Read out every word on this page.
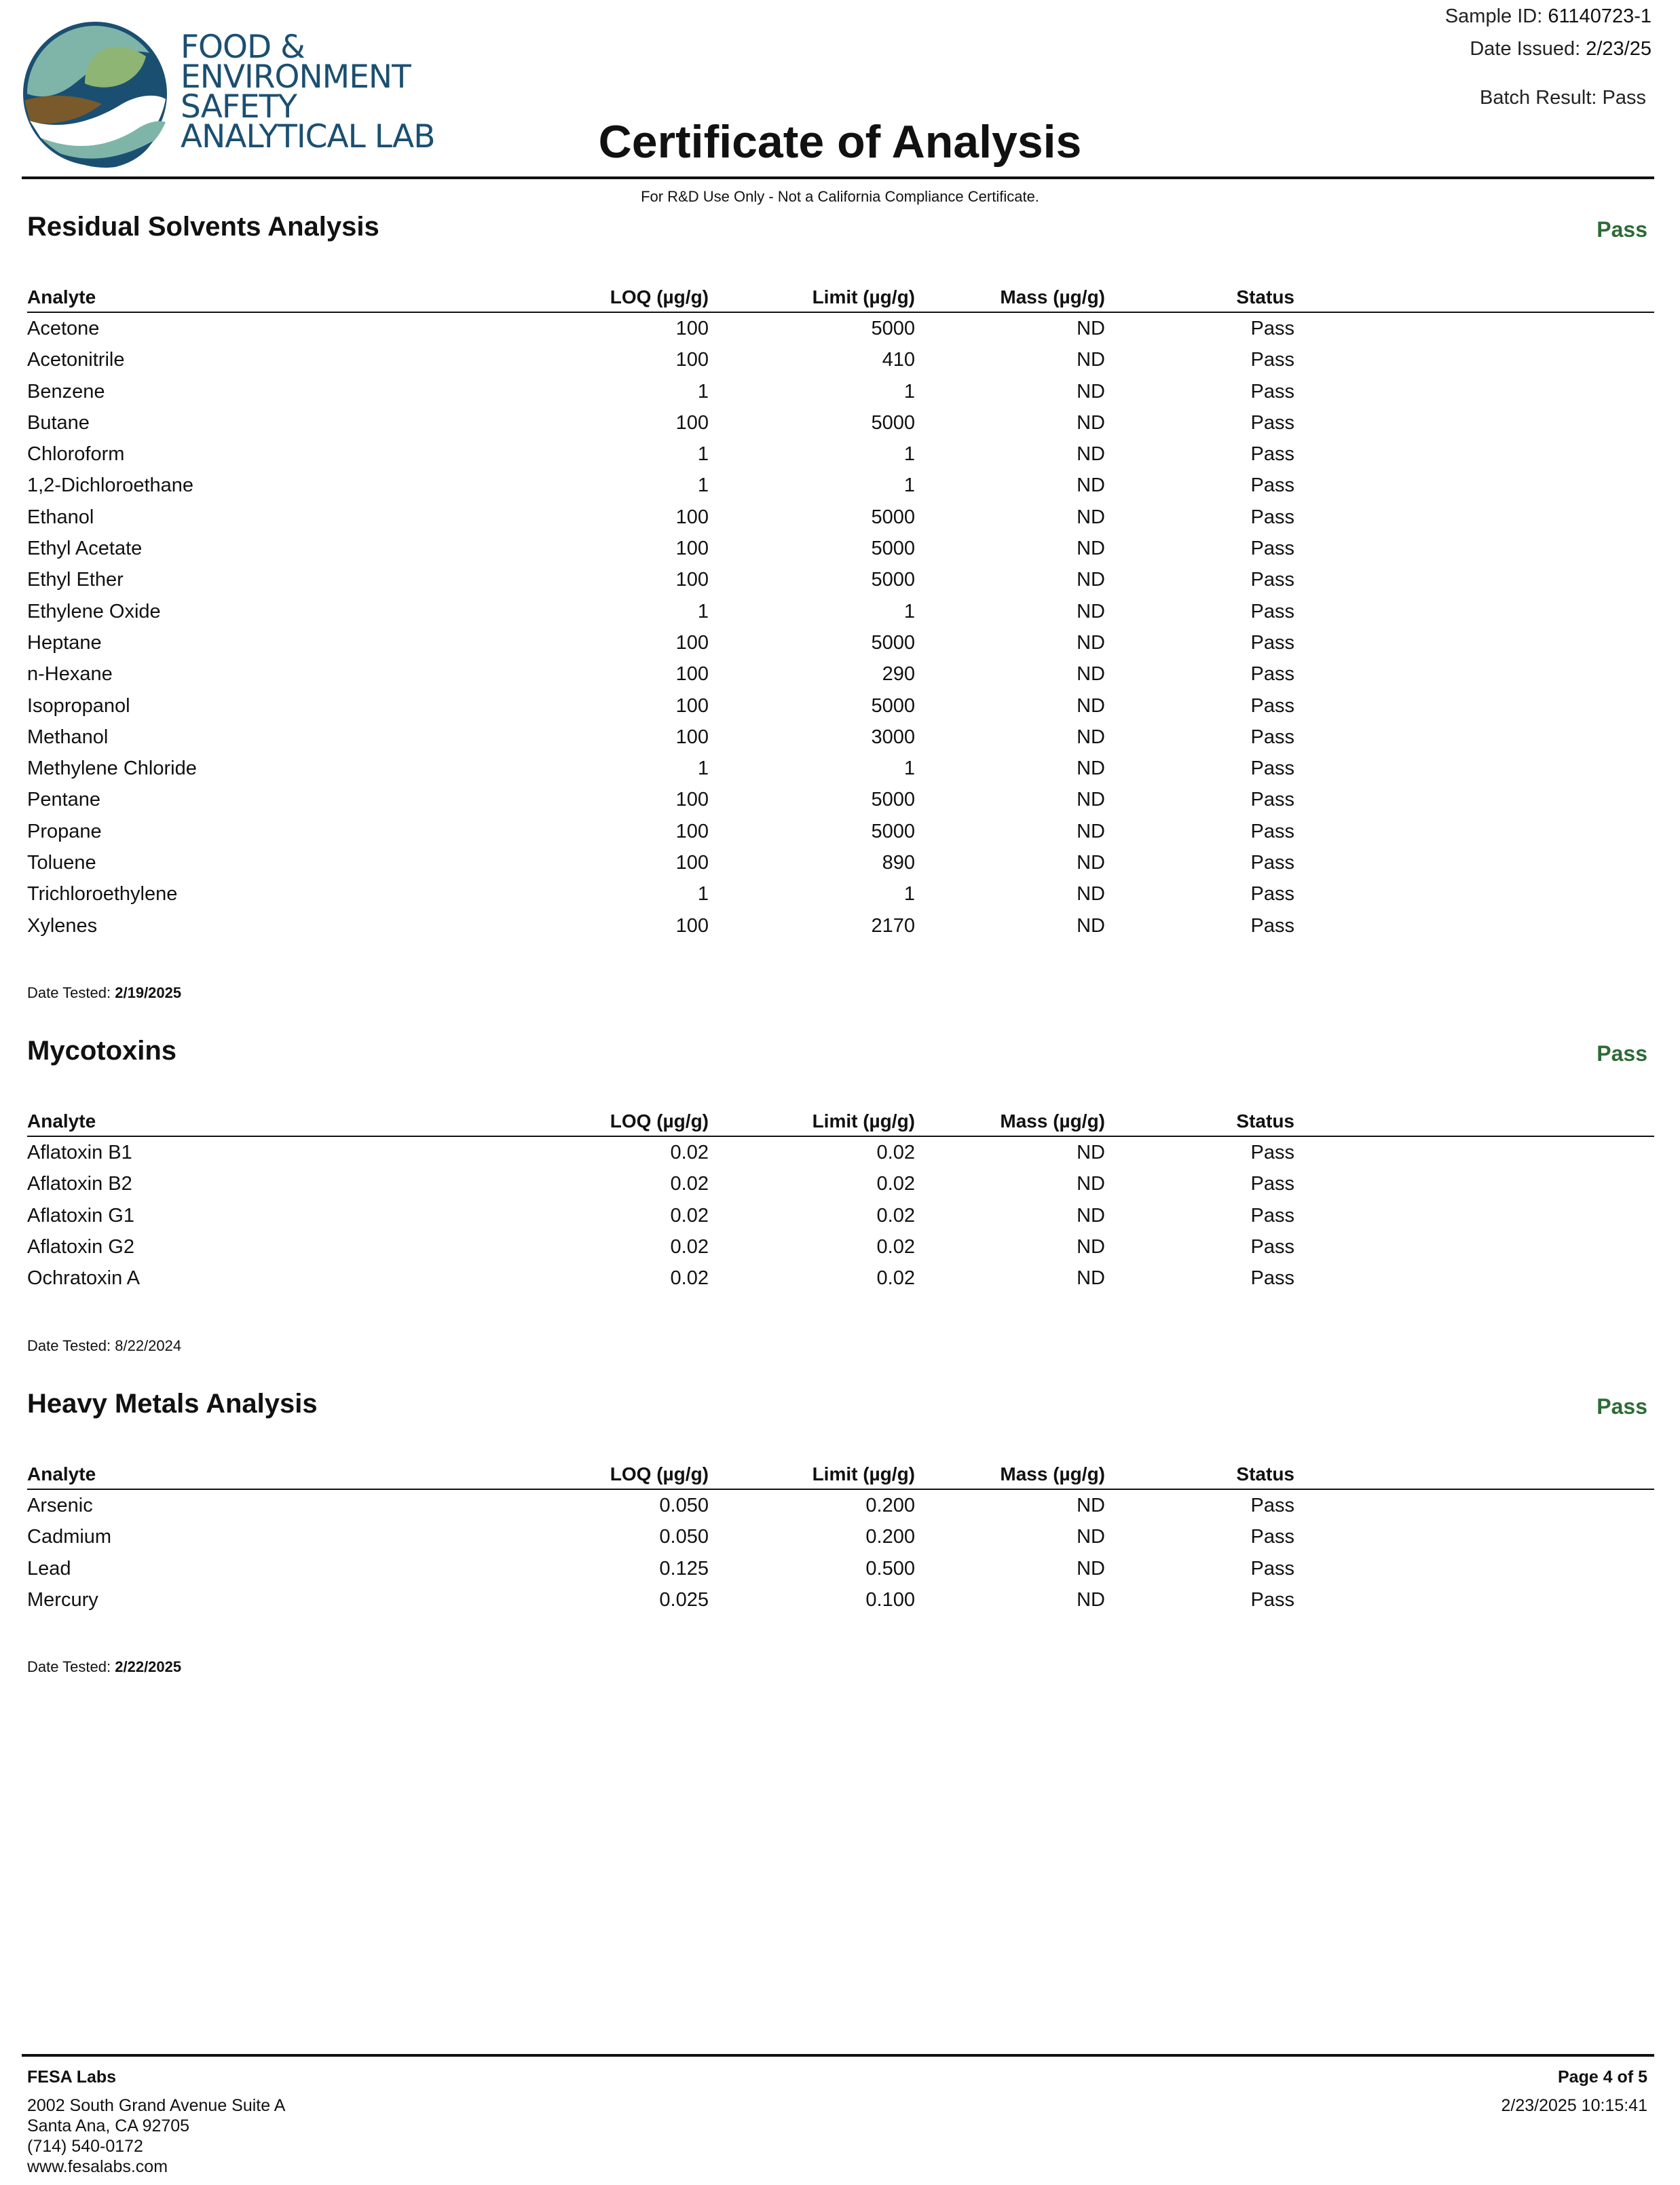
FOOD &
ENVIRONMENT
SAFETY
ANALYTICAL LAB
Sample ID: 61140723-1
Date Issued: 2/23/25
Batch Result: Pass
Certificate of Analysis
For R&D Use Only - Not a California Compliance Certificate.
Residual Solvents Analysis	Pass
Analyte	LOQ (µg/g)	Limit (µg/g)	Mass (µg/g)	Status
Acetone	100	5000	ND	Pass
Acetonitrile	100	410	ND	Pass
Benzene	1	1	ND	Pass
Butane	100	5000	ND	Pass
Chloroform	1	1	ND	Pass
1,2-Dichloroethane	1	1	ND	Pass
Ethanol	100	5000	ND	Pass
Ethyl Acetate	100	5000	ND	Pass
Ethyl Ether	100	5000	ND	Pass
Ethylene Oxide	1	1	ND	Pass
Heptane	100	5000	ND	Pass
n-Hexane	100	290	ND	Pass
Isopropanol	100	5000	ND	Pass
Methanol	100	3000	ND	Pass
Methylene Chloride	1	1	ND	Pass
Pentane	100	5000	ND	Pass
Propane	100	5000	ND	Pass
Toluene	100	890	ND	Pass
Trichloroethylene	1	1	ND	Pass
Xylenes	100	2170	ND	Pass
Date Tested: 2/19/2025
Mycotoxins	Pass
Analyte	LOQ (µg/g)	Limit (µg/g)	Mass (µg/g)	Status
Aflatoxin B1	0.02	0.02	ND	Pass
Aflatoxin B2	0.02	0.02	ND	Pass
Aflatoxin G1	0.02	0.02	ND	Pass
Aflatoxin G2	0.02	0.02	ND	Pass
Ochratoxin A	0.02	0.02	ND	Pass
Date Tested: 8/22/2024
Heavy Metals Analysis	Pass
Analyte	LOQ (µg/g)	Limit (µg/g)	Mass (µg/g)	Status
Arsenic	0.050	0.200	ND	Pass
Cadmium	0.050	0.200	ND	Pass
Lead	0.125	0.500	ND	Pass
Mercury	0.025	0.100	ND	Pass
Date Tested: 2/22/2025
FESA Labs
2002 South Grand Avenue Suite A
Santa Ana, CA 92705
(714) 540-0172
www.fesalabs.com
Page 4 of 5
2/23/2025 10:15:41
